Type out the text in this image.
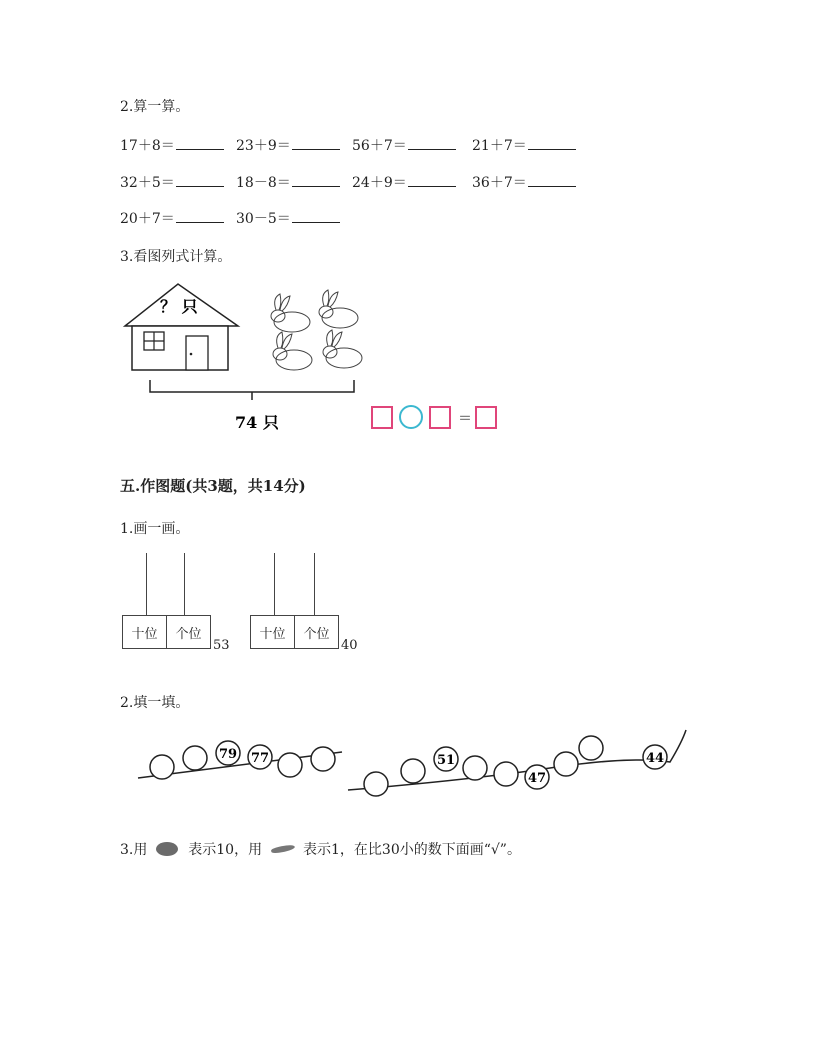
2.算一算。
17＋8＝	23＋9＝	56＋7＝	21＋7＝
32＋5＝	18－8＝	24＋9＝	36＋7＝
20＋7＝	30－5＝
3.看图列式计算。
？ 只
74 只	＝
五.作图题(共3题，共14分)
1.画一画。
十位	个位
53
十位	个位
40
2.填一填。
79 77	51
47
44
3.用	表示10，用	表示1，在比30小的数下面画“√”。
